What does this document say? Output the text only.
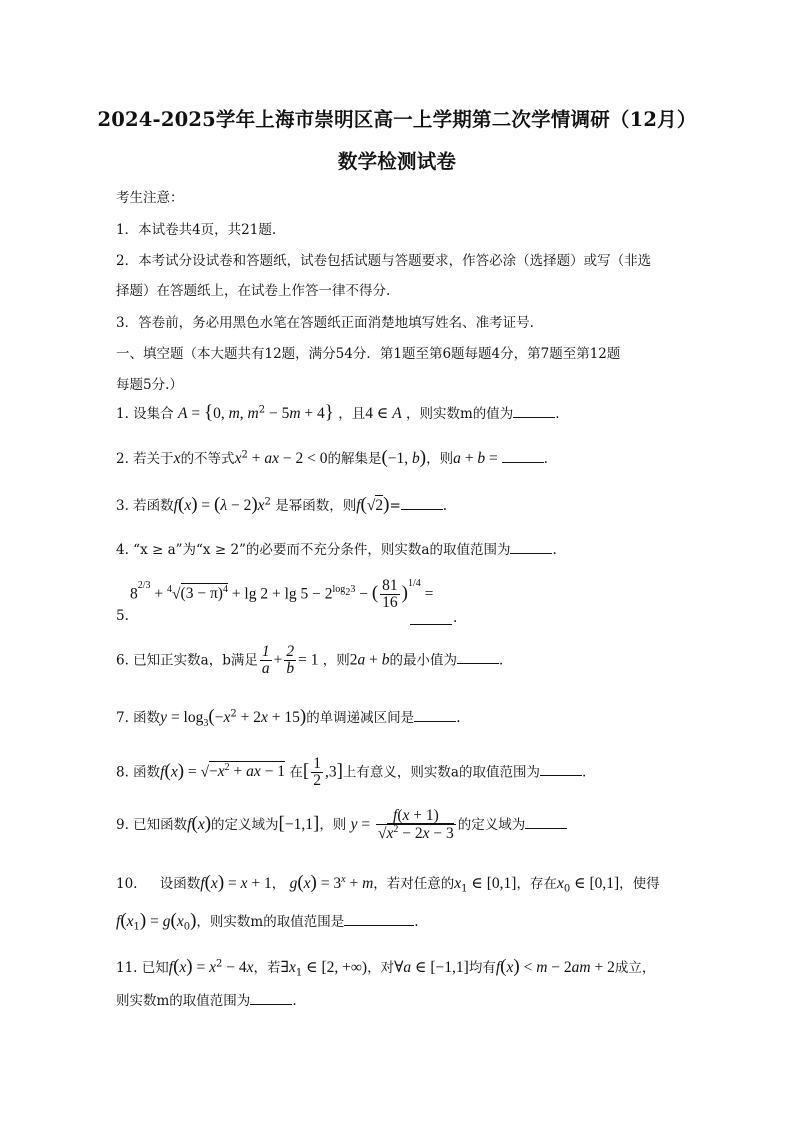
2024-2025学年上海市崇明区高一上学期第二次学情调研（12月）
数学检测试卷
考生注意：
1．本试卷共4页，共21题.
2．本考试分设试卷和答题纸，试卷包括试题与答题要求，作答必涂（选择题）或写（非选
择题）在答题纸上，在试卷上作答一律不得分.
3．答卷前，务必用黑色水笔在答题纸正面消楚地填写姓名、准考证号.
一、填空题（本大题共有12题，满分54分．第1题至第6题每题4分，第7题至第12题
每题5分.）
1. 设集合 A = {0, m, $m^2 - 5m + 4$} ，且4 ∈ A ，则实数m的值为	.
2. 若关于x的不等式$x^2$ + ax − 2 < 0的解集是(−1, b)，则a + b =	.
3. 若函数$f(x) = (\lambda - 2)x^2$ 是幂函数，则f(√2)=	.
4. “x ≥ a”为“x ≥ 2”的必要而不充分条件，则实数a的取值范围为	.
5.
$8^{2/3} + ^4√(3 - \pi)^4 + \lg 2 + \lg 5 - 2^{log_23}$ − ( $\frac{81}{16} )^{1/4}$ =
.
6. 已知正实数a，b满足 $\frac{1}{a} + \frac{2}{b} = 1$ ，则2a + b的最小值为	.
7. 函数$y = \log_3(-x^2 + 2x + 15)$的单调递减区间是	.
8. 函数$f(x) = √-x^2$ + ax − 1 在[ $\frac{1}{2} ,3$]上有意义，则实数a的取值范围为	.
9. 已知函数f(x)的定义域为[−1,1]，则 $y = \frac{f(x + 1)}{√x^2 - 2x - 3}$ 的定义域为
10. 设函数f(x) = x + 1， $g(x) = 3^x + m$，若对任意的$x_1$ ∈ [0,1]，存在$x_0$ ∈ [0,1]，使得
$f(x_1) = g(x_0)$，则实数m的取值范围是	.
11. 已知$f(x) = x^2 - 4x$，若$\exists x_1$ ∈ [2, +∞)，对∀a ∈ [−1,1]均有f(x) < m − 2am + 2成立，
则实数m的取值范围为	.
